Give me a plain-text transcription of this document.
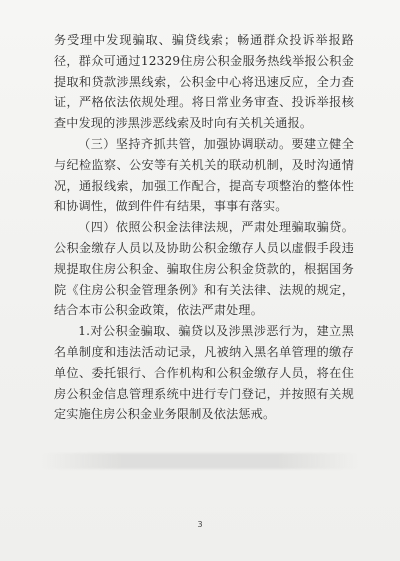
务受理中发现骗取、骗贷线索；畅通群众投诉举报路径，群众可通过12329住房公积金服务热线举报公积金提取和贷款涉黑线索，公积金中心将迅速反应，全力查证，严格依法依规处理。将日常业务审查、投诉举报核查中发现的涉黑涉恶线索及时向有关机关通报。

（三）坚持齐抓共管，加强协调联动。要建立健全与纪检监察、公安等有关机关的联动机制，及时沟通情况，通报线索，加强工作配合，提高专项整治的整体性和协调性，做到件件有结果，事事有落实。

（四）依照公积金法律法规，严肃处理骗取骗贷。公积金缴存人员以及协助公积金缴存人员以虚假手段违规提取住房公积金、骗取住房公积金贷款的，根据国务院《住房公积金管理条例》和有关法律、法规的规定，结合本市公积金政策，依法严肃处理。

1.对公积金骗取、骗贷以及涉黑涉恶行为，建立黑名单制度和违法活动记录，凡被纳入黑名单管理的缴存单位、委托银行、合作机构和公积金缴存人员，将在住房公积金信息管理系统中进行专门登记，并按照有关规定实施住房公积金业务限制及依法惩戒。

3
